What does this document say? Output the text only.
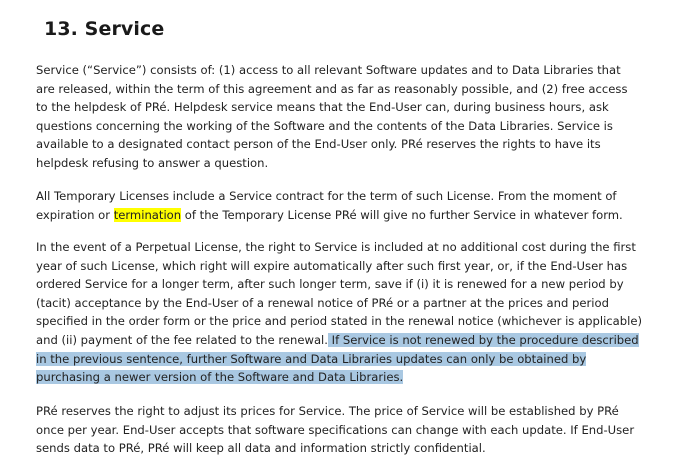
13. Service

Service (“Service”) consists of: (1) access to all relevant Software updates and to Data Libraries that are released, within the term of this agreement and as far as reasonably possible, and (2) free access to the helpdesk of PRé. Helpdesk service means that the End-User can, during business hours, ask questions concerning the working of the Software and the contents of the Data Libraries. Service is available to a designated contact person of the End-User only. PRé reserves the rights to have its helpdesk refusing to answer a question.

All Temporary Licenses include a Service contract for the term of such License. From the moment of expiration or termination of the Temporary License PRé will give no further Service in whatever form.

In the event of a Perpetual License, the right to Service is included at no additional cost during the first year of such License, which right will expire automatically after such first year, or, if the End-User has ordered Service for a longer term, after such longer term, save if (i) it is renewed for a new period by (tacit) acceptance by the End-User of a renewal notice of PRé or a partner at the prices and period specified in the order form or the price and period stated in the renewal notice (whichever is applicable) and (ii) payment of the fee related to the renewal. If Service is not renewed by the procedure described in the previous sentence, further Software and Data Libraries updates can only be obtained by purchasing a newer version of the Software and Data Libraries.

PRé reserves the right to adjust its prices for Service. The price of Service will be established by PRé once per year. End-User accepts that software specifications can change with each update. If End-User sends data to PRé, PRé will keep all data and information strictly confidential.
